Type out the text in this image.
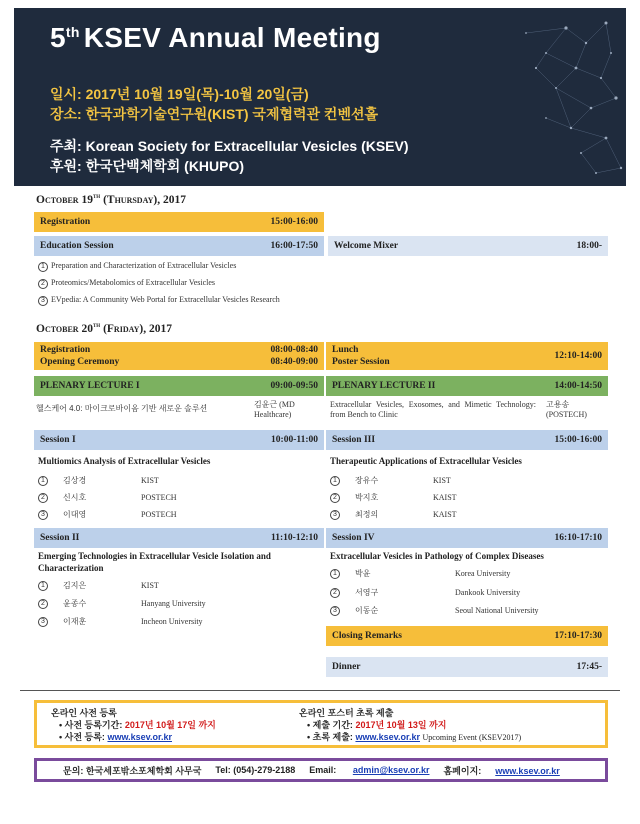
5th KSEV Annual Meeting
일시: 2017년 10월 19일(목)-10월 20일(금)
장소: 한국과학기술연구원(KIST) 국제협력관 컨벤션홀
주최: Korean Society for Extracellular Vesicles (KSEV)
후원: 한국단백체학회 (KHUPO)
October 19th (Thursday), 2017
Registration	15:00-16:00
Education Session	16:00-17:50 Welcome Mixer	18:00-
1 Preparation and Characterization of Extracellular Vesicles
2 Proteomics/Metabolomics of Extracellular Vesicles
3 EVpedia: A Community Web Portal for Extracellular Vesicles Research
October 20th (Friday), 2017
Registration
Opening Ceremony
08:00-08:40
08:40-09:00
Lunch
Poster Session
12:10-14:00
PLENARY LECTURE I	09:00-09:50 PLENARY LECTURE II	14:00-14:50
헬스케어 4.0: 마이크로바이옴 기반 새로운 솔루션	김윤근 (MD Healthcare)
Extracellular Vesicles, Exosomes, and Mimetic Technology: from Bench to Clinic
고용송 (POSTECH)
Session I	10:00-11:00
Multiomics Analysis of Extracellular Vesicles
1	김상경	KIST
2	신시호	POSTECH
3	이대영	POSTECH
Session III	15:00-16:00
Therapeutic Applications of Extracellular Vesicles
1	장유수	KIST
2	박지호	KAIST
3	최정의	KAIST
Session II	11:10-12:10
Emerging Technologies in Extracellular Vesicle Isolation and Characterization
1	김지은	KIST
2	윤종수	Hanyang University
3	이재훈	Incheon University
Session IV	16:10-17:10
Extracellular Vesicles in Pathology of Complex Diseases
1	박윤	Korea University
2	서영구	Dankook University
3	이동순	Seoul National University
Closing Remarks	17:10-17:30
Dinner	17:45-
온라인 사전 등록
• 사전 등록기간: 2017년 10월 17일 까지
• 사전 등록: www.ksev.or.kr
온라인 포스터 초록 제출
• 제출 기간: 2017년 10월 13일 까지
• 초록 제출: www.ksev.or.kr Upcoming Event (KSEV2017)
문의: 한국세포밖소포체학회 사무국 Tel: (054)-279-2188 Email: admin@ksev.or.kr 홈페이지: www.ksev.or.kr
